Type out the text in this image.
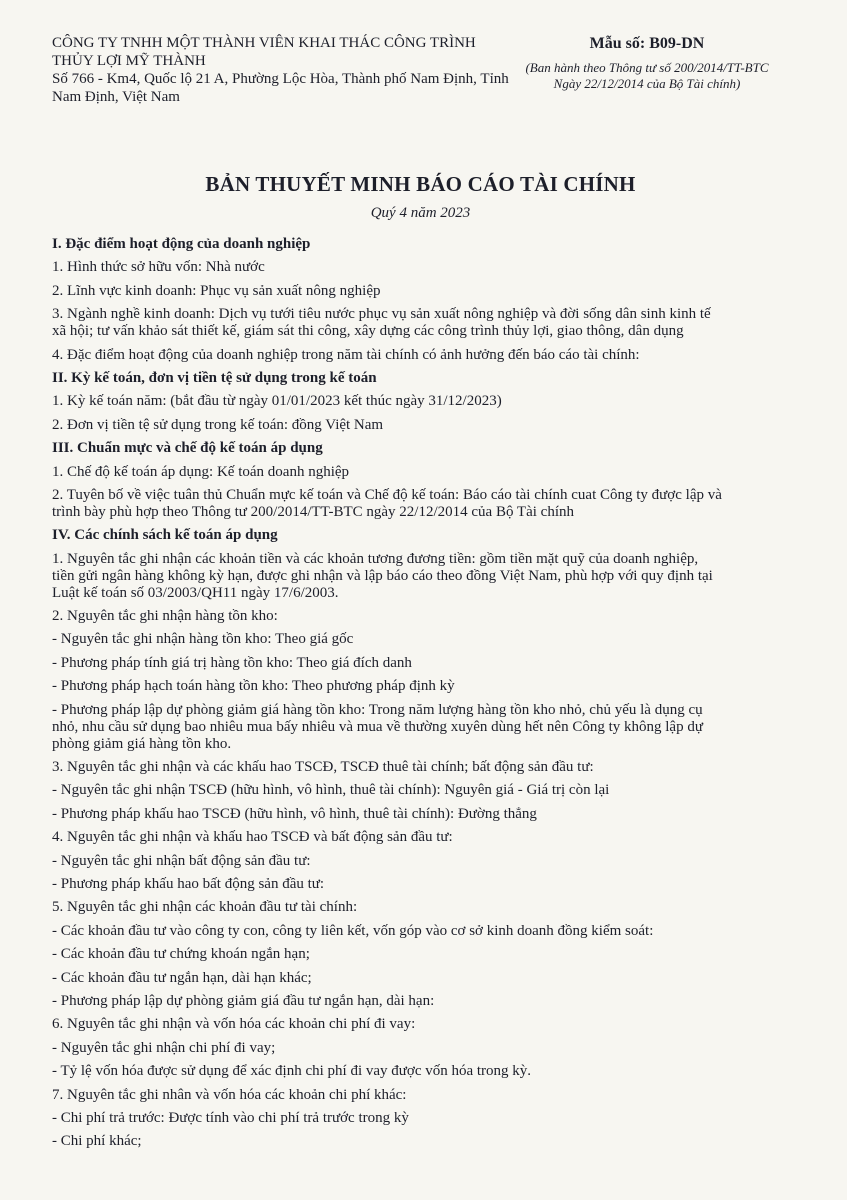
CÔNG TY TNHH MỘT THÀNH VIÊN KHAI THÁC CÔNG TRÌNH
THỦY LỢI MỸ THÀNH
Số 766 - Km4, Quốc lộ 21 A, Phường Lộc Hòa, Thành phố Nam Định, Tỉnh
Nam Định, Việt Nam
Mẫu số: B09-DN
(Ban hành theo Thông tư số 200/2014/TT-BTC
Ngày 22/12/2014 của Bộ Tài chính)
BẢN THUYẾT MINH BÁO CÁO TÀI CHÍNH
Quý 4 năm 2023

I. Đặc điểm hoạt động của doanh nghiệp

1. Hình thức sở hữu vốn: Nhà nước

2. Lĩnh vực kinh doanh: Phục vụ sản xuất nông nghiệp

3. Ngành nghề kinh doanh: Dịch vụ tưới tiêu nước phục vụ sản xuất nông nghiệp và đời sống dân sinh kinh tế
xã hội; tư vấn khảo sát thiết kế, giám sát thi công, xây dựng các công trình thủy lợi, giao thông, dân dụng

4. Đặc điểm hoạt động của doanh nghiệp trong năm tài chính có ảnh hưởng đến báo cáo tài chính:

II. Kỳ kế toán, đơn vị tiền tệ sử dụng trong kế toán

1. Kỳ kế toán năm: (bắt đầu từ ngày 01/01/2023 kết thúc ngày 31/12/2023)

2. Đơn vị tiền tệ sử dụng trong kế toán: đồng Việt Nam

III. Chuẩn mực và chế độ kế toán áp dụng

1. Chế độ kế toán áp dụng: Kế toán doanh nghiệp

2. Tuyên bố về việc tuân thủ Chuẩn mực kế toán và Chế độ kế toán: Báo cáo tài chính cuat Công ty được lập và
trình bày phù hợp theo Thông tư 200/2014/TT-BTC ngày 22/12/2014 của Bộ Tài chính

IV. Các chính sách kế toán áp dụng

1. Nguyên tắc ghi nhận các khoản tiền và các khoản tương đương tiền: gồm tiền mặt quỹ của doanh nghiệp,
tiền gửi ngân hàng không kỳ hạn, được ghi nhận và lập báo cáo theo đồng Việt Nam, phù hợp với quy định tại
Luật kế toán số 03/2003/QH11 ngày 17/6/2003.

2. Nguyên tắc ghi nhận hàng tồn kho:

- Nguyên tắc ghi nhận hàng tồn kho: Theo giá gốc

- Phương pháp tính giá trị hàng tồn kho: Theo giá đích danh

- Phương pháp hạch toán hàng tồn kho: Theo phương pháp định kỳ

- Phương pháp lập dự phòng giảm giá hàng tồn kho: Trong năm lượng hàng tồn kho nhỏ, chủ yếu là dụng cụ
nhỏ, nhu cầu sử dụng bao nhiêu mua bấy nhiêu và mua về thường xuyên dùng hết nên Công ty không lập dự
phòng giảm giá hàng tồn kho.

3. Nguyên tắc ghi nhận và các khấu hao TSCĐ, TSCĐ thuê tài chính; bất động sản đầu tư:

- Nguyên tắc ghi nhận TSCĐ (hữu hình, vô hình, thuê tài chính): Nguyên giá - Giá trị còn lại

- Phương pháp khấu hao TSCĐ (hữu hình, vô hình, thuê tài chính): Đường thẳng

4. Nguyên tắc ghi nhận và khấu hao TSCĐ và bất động sản đầu tư:

- Nguyên tắc ghi nhận bất động sản đầu tư:

- Phương pháp khấu hao bất động sản đầu tư:

5. Nguyên tắc ghi nhận các khoản đầu tư tài chính:

- Các khoản đầu tư vào công ty con, công ty liên kết, vốn góp vào cơ sở kinh doanh đồng kiểm soát:

- Các khoản đầu tư chứng khoán ngắn hạn;

- Các khoản đầu tư ngắn hạn, dài hạn khác;

- Phương pháp lập dự phòng giảm giá đầu tư ngắn hạn, dài hạn:

6. Nguyên tắc ghi nhận và vốn hóa các khoản chi phí đi vay:

- Nguyên tắc ghi nhận chi phí đi vay;

- Tỷ lệ vốn hóa được sử dụng để xác định chi phí đi vay được vốn hóa trong kỳ.

7. Nguyên tắc ghi nhân và vốn hóa các khoản chi phí khác:

- Chi phí trả trước: Được tính vào chi phí trả trước trong kỳ

- Chi phí khác;
